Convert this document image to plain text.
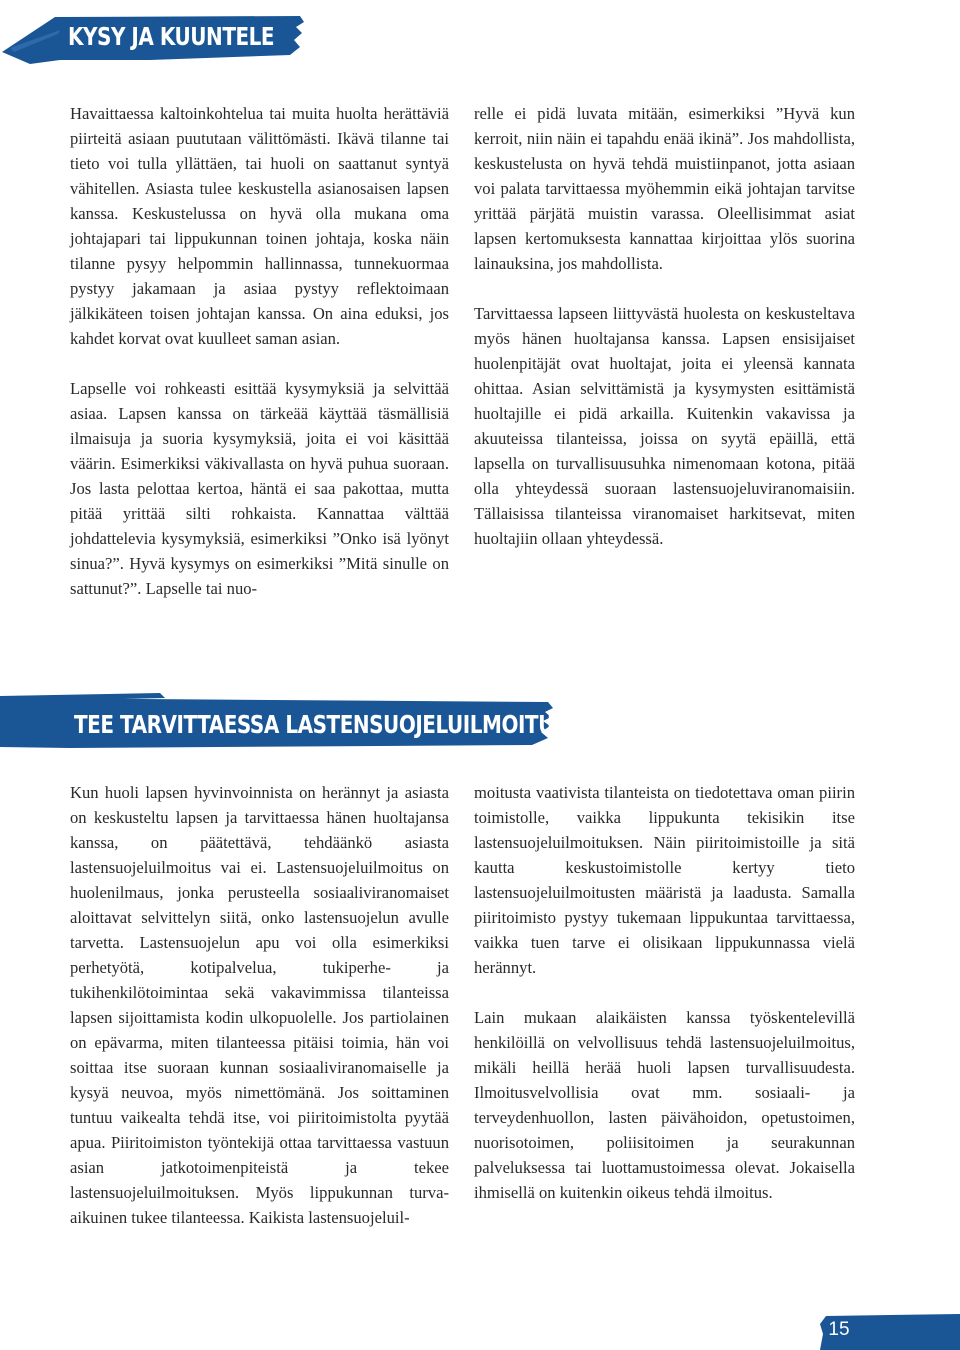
KYSY JA KUUNTELE

Havaittaessa kaltoinkohtelua tai muita huolta herättäviä piirteitä asiaan puututaan välittömästi. Ikävä tilanne tai tieto voi tulla yllättäen, tai huoli on saattanut syntyä vähitellen. Asiasta tulee keskustella asianosaisen lapsen kanssa. Keskustelussa on hyvä olla mukana oma johtajapari tai lippukunnan toinen johtaja, koska näin tilanne pysyy helpommin hallinnassa, tunnekuormaa pystyy jakamaan ja asiaa pystyy reflektoimaan jälkikäteen toisen johtajan kanssa. On aina eduksi, jos kahdet korvat ovat kuulleet saman asian.

Lapselle voi rohkeasti esittää kysymyksiä ja selvittää asiaa. Lapsen kanssa on tärkeää käyttää täsmällisiä ilmaisuja ja suoria kysymyksiä, joita ei voi käsittää väärin. Esimerkiksi väkivallasta on hyvä puhua suoraan. Jos lasta pelottaa kertoa, häntä ei saa pakottaa, mutta pitää yrittää silti rohkaista. Kannattaa välttää johdattelevia kysymyksiä, esimerkiksi ”Onko isä lyönyt sinua?”. Hyvä kysymys on esimerkiksi ”Mitä sinulle on sattunut?”. Lapselle tai nuo-

relle ei pidä luvata mitään, esimerkiksi ”Hyvä kun kerroit, niin näin ei tapahdu enää ikinä”. Jos mahdollista, keskustelusta on hyvä tehdä muistiinpanot, jotta asiaan voi palata tarvittaessa myöhemmin eikä johtajan tarvitse yrittää pärjätä muistin varassa. Oleellisimmat asiat lapsen kertomuksesta kannattaa kirjoittaa ylös suorina lainauksina, jos mahdollista.

Tarvittaessa lapseen liittyvästä huolesta on keskusteltava myös hänen huoltajansa kanssa. Lapsen ensisijaiset huolenpitäjät ovat huoltajat, joita ei yleensä kannata ohittaa. Asian selvittämistä ja kysymysten esittämistä huoltajille ei pidä arkailla. Kuitenkin vakavissa ja akuuteissa tilanteissa, joissa on syytä epäillä, että lapsella on turvallisuusuhka nimenomaan kotona, pitää olla yhteydessä suoraan lastensuojeluviranomaisiin. Tällaisissa tilanteissa viranomaiset harkitsevat, miten huoltajiin ollaan yhteydessä.

TEE TARVITTAESSA LASTENSUOJELUILMOITUS

Kun huoli lapsen hyvinvoinnista on herännyt ja asiasta on keskusteltu lapsen ja tarvittaessa hänen huoltajansa kanssa, on päätettävä, tehdäänkö asiasta lastensuojeluilmoitus vai ei. Lastensuojeluilmoitus on huolenilmaus, jonka perusteella sosiaaliviranomaiset aloittavat selvittelyn siitä, onko lastensuojelun avulle tarvetta. Lastensuojelun apu voi olla esimerkiksi perhetyötä, kotipalvelua, tukiperhe- ja tukihenkilötoimintaa sekä vakavimmissa tilanteissa lapsen sijoittamista kodin ulkopuolelle. Jos partiolainen on epävarma, miten tilanteessa pitäisi toimia, hän voi soittaa itse suoraan kunnan sosiaaliviranomaiselle ja kysyä neuvoa, myös nimettömänä. Jos soittaminen tuntuu vaikealta tehdä itse, voi piiritoimistolta pyytää apua. Piiritoimiston työntekijä ottaa tarvittaessa vastuun asian jatkotoimenpiteistä ja tekee lastensuojeluilmoituksen. Myös lippukunnan turva-aikuinen tukee tilanteessa. Kaikista lastensuojeluil-

moitusta vaativista tilanteista on tiedotettava oman piirin toimistolle, vaikka lippukunta tekisikin itse lastensuojeluilmoituksen. Näin piiritoimistoille ja sitä kautta keskustoimistolle kertyy tieto lastensuojeluilmoitusten määristä ja laadusta. Samalla piiritoimisto pystyy tukemaan lippukuntaa tarvittaessa, vaikka tuen tarve ei olisikaan lippukunnassa vielä herännyt.

Lain mukaan alaikäisten kanssa työskentelevillä henkilöillä on velvollisuus tehdä lastensuojeluilmoitus, mikäli heillä herää huoli lapsen turvallisuudesta. Ilmoitusvelvollisia ovat mm. sosiaali- ja terveydenhuollon, lasten päivähoidon, opetustoimen, nuorisotoimen, poliisitoimen ja seurakunnan palveluksessa tai luottamustoimessa olevat. Jokaisella ihmisellä on kuitenkin oikeus tehdä ilmoitus.

15
